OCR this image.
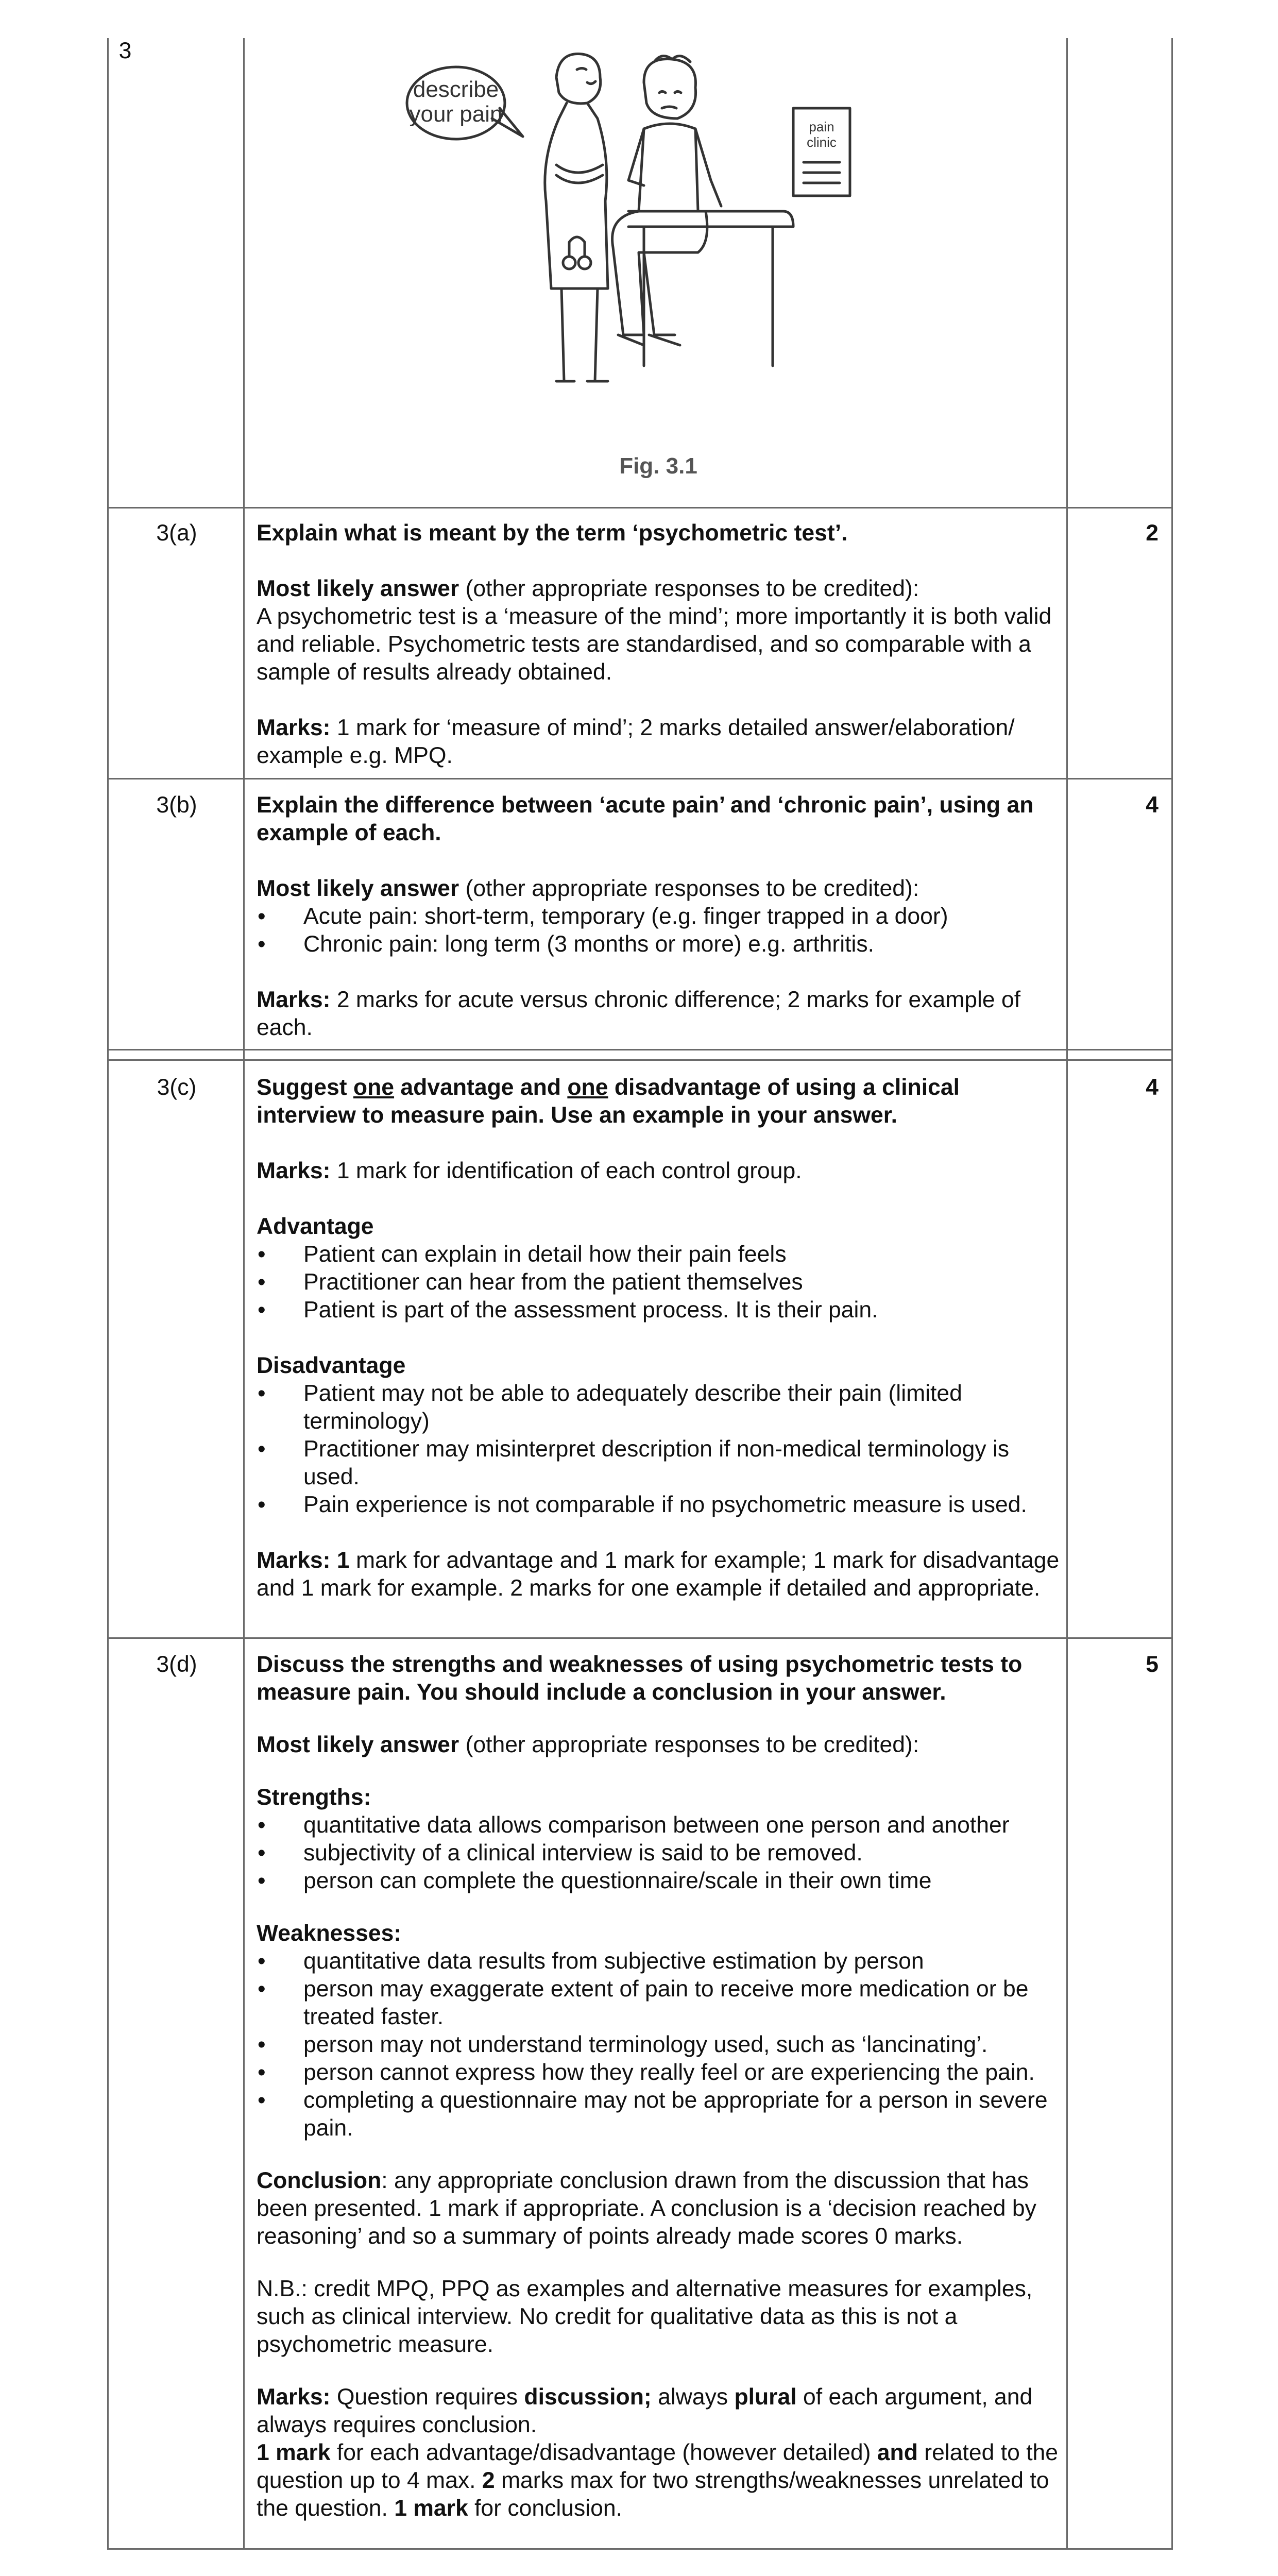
3
describe
your pain	pain
clinic
Fig. 3.1
3(a)	2

Explain what is meant by the term ‘psychometric test’.

Most likely answer (other appropriate responses to be credited):

A psychometric test is a ‘measure of the mind’; more importantly it is both valid and reliable. Psychometric tests are standardised, and so comparable with a sample of results already obtained.

Marks: 1 mark for ‘measure of mind’; 2 marks detailed answer/elaboration/ example e.g. MPQ.

3(b)	4

Explain the difference between ‘acute pain’ and ‘chronic pain’, using an example of each.

Most likely answer (other appropriate responses to be credited):

• Acute pain: short-term, temporary (e.g. finger trapped in a door)
• Chronic pain: long term (3 months or more) e.g. arthritis.

Marks: 2 marks for acute versus chronic difference; 2 marks for example of each.

3(c)	4

Suggest one advantage and one disadvantage of using a clinical interview to measure pain. Use an example in your answer.

Marks: 1 mark for identification of each control group.

Advantage

• Patient can explain in detail how their pain feels
• Practitioner can hear from the patient themselves
• Patient is part of the assessment process. It is their pain.

Disadvantage

• Patient may not be able to adequately describe their pain (limited terminology)
• Practitioner may misinterpret description if non-medical terminology is used.
• Pain experience is not comparable if no psychometric measure is used.

Marks: 1 mark for advantage and 1 mark for example; 1 mark for disadvantage and 1 mark for example. 2 marks for one example if detailed and appropriate.

3(d)	5

Discuss the strengths and weaknesses of using psychometric tests to measure pain. You should include a conclusion in your answer.

Most likely answer (other appropriate responses to be credited):

Strengths:

• quantitative data allows comparison between one person and another
• subjectivity of a clinical interview is said to be removed.
• person can complete the questionnaire/scale in their own time

Weaknesses:

• quantitative data results from subjective estimation by person
• person may exaggerate extent of pain to receive more medication or be treated faster.
• person may not understand terminology used, such as ‘lancinating’.
• person cannot express how they really feel or are experiencing the pain.
• completing a questionnaire may not be appropriate for a person in severe pain.

Conclusion: any appropriate conclusion drawn from the discussion that has been presented. 1 mark if appropriate. A conclusion is a ‘decision reached by reasoning’ and so a summary of points already made scores 0 marks.

N.B.: credit MPQ, PPQ as examples and alternative measures for examples, such as clinical interview. No credit for qualitative data as this is not a psychometric measure.

Marks: Question requires discussion; always plural of each argument, and always requires conclusion.
1 mark for each advantage/disadvantage (however detailed) and related to the question up to 4 max. 2 marks max for two strengths/weaknesses unrelated to the question. 1 mark for conclusion.
